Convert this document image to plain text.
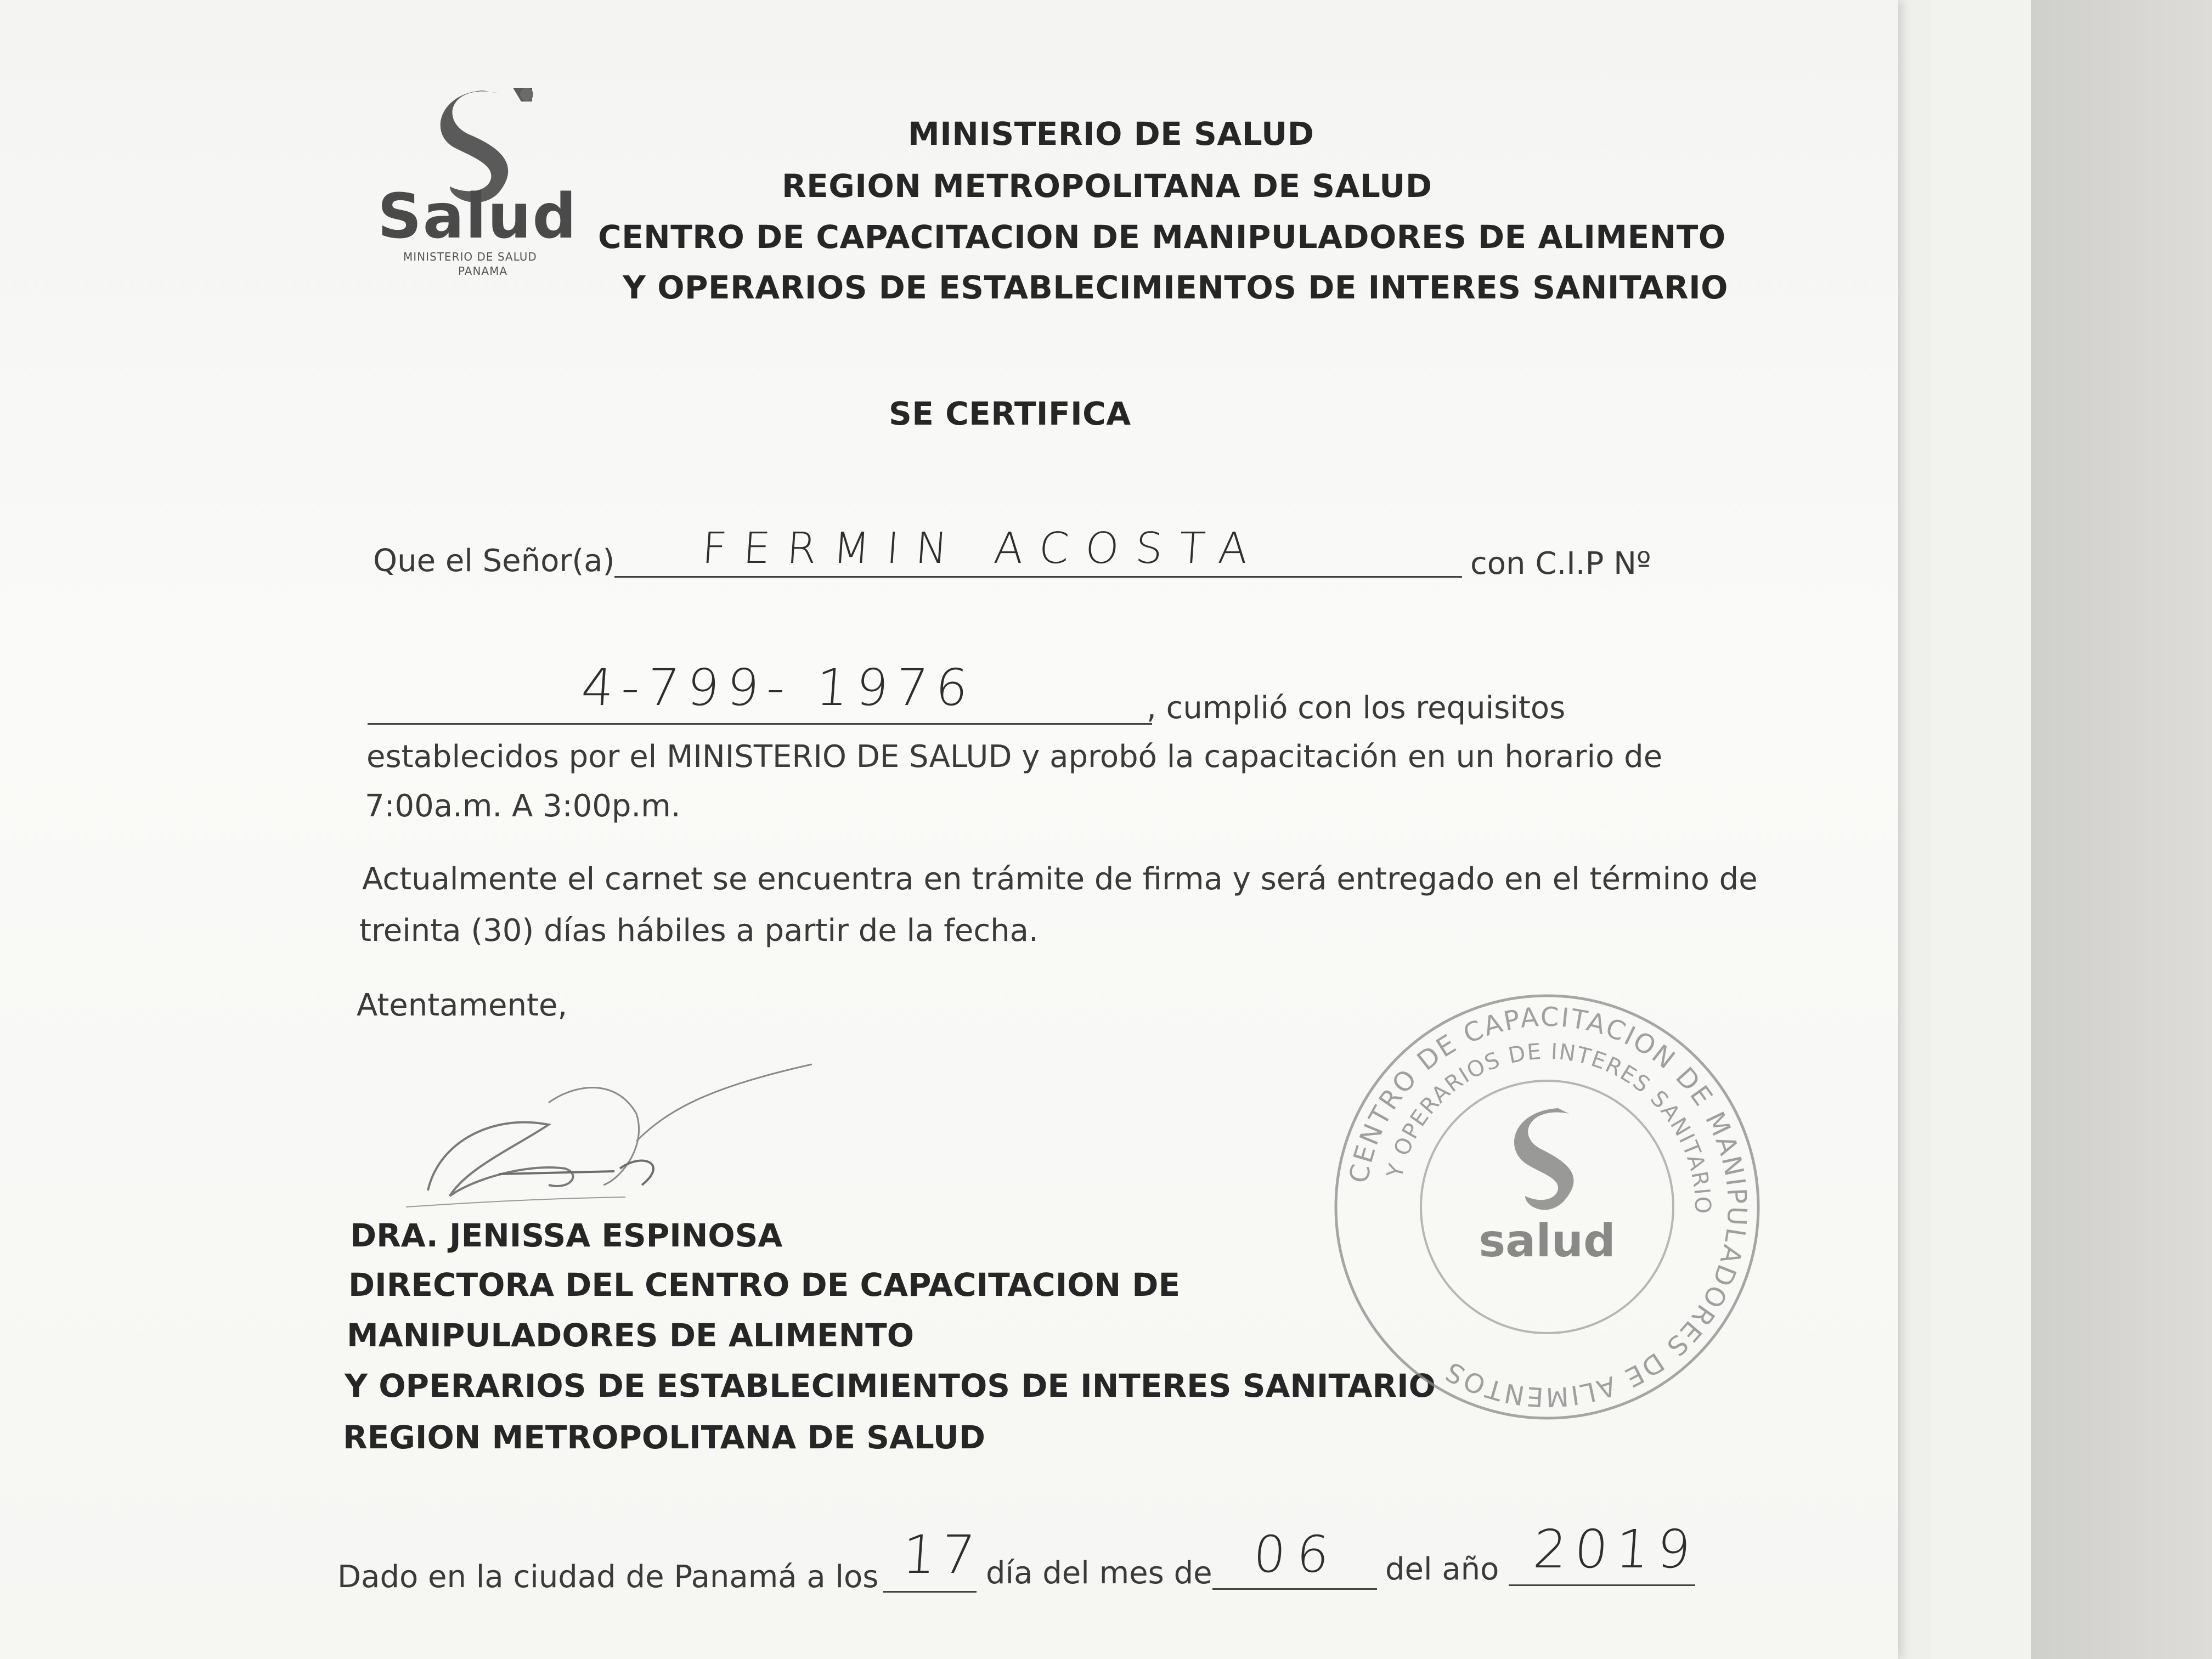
Salud
MINISTERIO DE SALUD
PANAMA
MINISTERIO DE SALUD
REGION METROPOLITANA DE SALUD
CENTRO DE CAPACITACION DE MANIPULADORES DE ALIMENTO
Y OPERARIOS DE ESTABLECIMIENTOS DE INTERES SANITARIO
SE CERTIFICA
Que el Señor(a) FERMIN ACOSTA	con C.I.P Nº
4-799- 1976	, cumplió con los requisitos
establecidos por el MINISTERIO DE SALUD y aprobó la capacitación en un horario de
7:00a.m. A 3:00p.m.
Actualmente el carnet se encuentra en trámite de firma y será entregado en el término de
treinta (30) días hábiles a partir de la fecha.
Atentamente,
DRA. JENISSA ESPINOSA
DIRECTORA DEL CENTRO DE CAPACITACION DE
MANIPULADORES DE ALIMENTO
Y OPERARIOS DE ESTABLECIMIENTOS DE INTERES SANITARIO
REGION METROPOLITANA DE SALUD
CENTRO DE CAPACITACION DE MANIPULADORES DE ALIMENTOS
Y OPERARIOS DE INTERES SANITARIO
salud
Dado en la ciudad de Panamá a los 17 día del mes de 06 del año 2019
